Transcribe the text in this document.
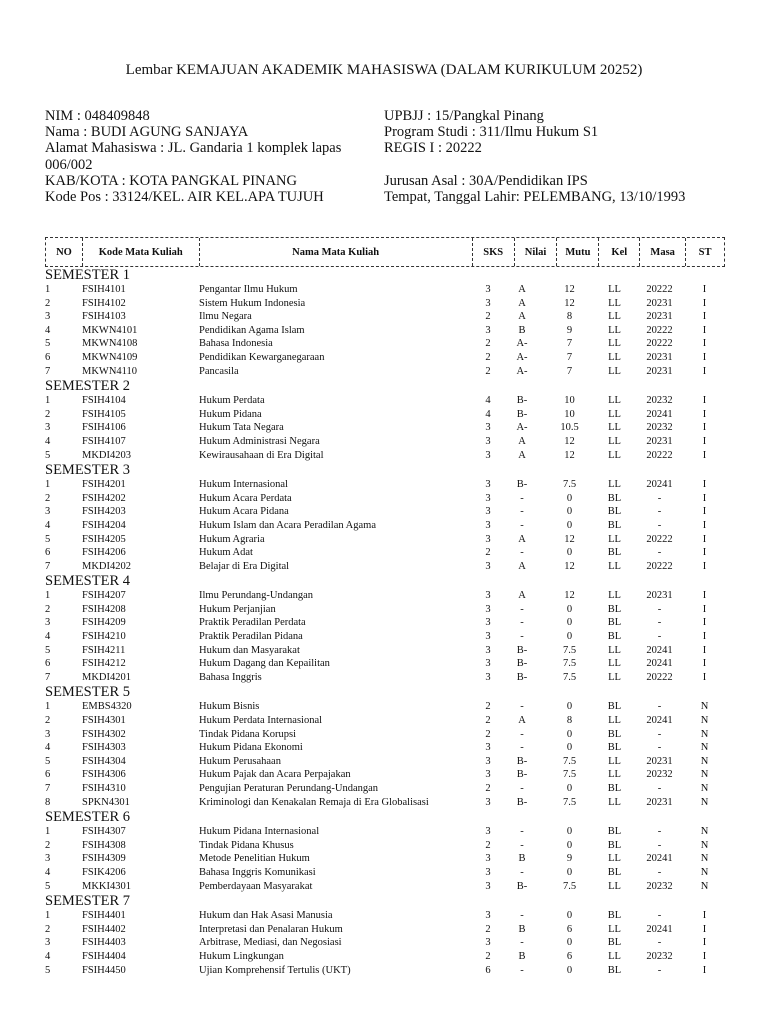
Lembar KEMAJUAN AKADEMIK MAHASISWA (DALAM KURIKULUM 20252)
NIM : 048409848
Nama : BUDI AGUNG SANJAYA
Alamat Mahasiswa : JL. Gandaria 1 komplek lapas
006/002
KAB/KOTA : KOTA PANGKAL PINANG
Kode Pos : 33124/KEL. AIR KEL.APA TUJUH
UPBJJ : 15/Pangkal Pinang
Program Studi : 311/Ilmu Hukum S1
REGIS I : 20222
Jurusan Asal : 30A/Pendidikan IPS
Tempat, Tanggal Lahir: PELEMBANG, 13/10/1993
NO	Kode Mata Kuliah	Nama Mata Kuliah	SKS	Nilai	Mutu	Kel	Masa	ST
SEMESTER 1
1	FSIH4101	Pengantar Ilmu Hukum	3	A	12	LL	20222	I
2	FSIH4102	Sistem Hukum Indonesia	3	A	12	LL	20231	I
3	FSIH4103	Ilmu Negara	2	A	8	LL	20231	I
4	MKWN4101	Pendidikan Agama Islam	3	B	9	LL	20222	I
5	MKWN4108	Bahasa Indonesia	2	A-	7	LL	20222	I
6	MKWN4109	Pendidikan Kewarganegaraan	2	A-	7	LL	20231	I
7	MKWN4110	Pancasila	2	A-	7	LL	20231	I
SEMESTER 2
1	FSIH4104	Hukum Perdata	4	B-	10	LL	20232	I
2	FSIH4105	Hukum Pidana	4	B-	10	LL	20241	I
3	FSIH4106	Hukum Tata Negara	3	A-	10.5	LL	20232	I
4	FSIH4107	Hukum Administrasi Negara	3	A	12	LL	20231	I
5	MKDI4203	Kewirausahaan di Era Digital	3	A	12	LL	20222	I
SEMESTER 3
1	FSIH4201	Hukum Internasional	3	B-	7.5	LL	20241	I
2	FSIH4202	Hukum Acara Perdata	3	-	0	BL	-	I
3	FSIH4203	Hukum Acara Pidana	3	-	0	BL	-	I
4	FSIH4204	Hukum Islam dan Acara Peradilan Agama	3	-	0	BL	-	I
5	FSIH4205	Hukum Agraria	3	A	12	LL	20222	I
6	FSIH4206	Hukum Adat	2	-	0	BL	-	I
7	MKDI4202	Belajar di Era Digital	3	A	12	LL	20222	I
SEMESTER 4
1	FSIH4207	Ilmu Perundang-Undangan	3	A	12	LL	20231	I
2	FSIH4208	Hukum Perjanjian	3	-	0	BL	-	I
3	FSIH4209	Praktik Peradilan Perdata	3	-	0	BL	-	I
4	FSIH4210	Praktik Peradilan Pidana	3	-	0	BL	-	I
5	FSIH4211	Hukum dan Masyarakat	3	B-	7.5	LL	20241	I
6	FSIH4212	Hukum Dagang dan Kepailitan	3	B-	7.5	LL	20241	I
7	MKDI4201	Bahasa Inggris	3	B-	7.5	LL	20222	I
SEMESTER 5
1	EMBS4320	Hukum Bisnis	2	-	0	BL	-	N
2	FSIH4301	Hukum Perdata Internasional	2	A	8	LL	20241	N
3	FSIH4302	Tindak Pidana Korupsi	2	-	0	BL	-	N
4	FSIH4303	Hukum Pidana Ekonomi	3	-	0	BL	-	N
5	FSIH4304	Hukum Perusahaan	3	B-	7.5	LL	20231	N
6	FSIH4306	Hukum Pajak dan Acara Perpajakan	3	B-	7.5	LL	20232	N
7	FSIH4310	Pengujian Peraturan Perundang-Undangan	2	-	0	BL	-	N
8	SPKN4301	Kriminologi dan Kenakalan Remaja di Era Globalisasi	3	B-	7.5	LL	20231	N
SEMESTER 6
1	FSIH4307	Hukum Pidana Internasional	3	-	0	BL	-	N
2	FSIH4308	Tindak Pidana Khusus	2	-	0	BL	-	N
3	FSIH4309	Metode Penelitian Hukum	3	B	9	LL	20241	N
4	FSIK4206	Bahasa Inggris Komunikasi	3	-	0	BL	-	N
5	MKKI4301	Pemberdayaan Masyarakat	3	B-	7.5	LL	20232	N
SEMESTER 7
1	FSIH4401	Hukum dan Hak Asasi Manusia	3	-	0	BL	-	I
2	FSIH4402	Interpretasi dan Penalaran Hukum	2	B	6	LL	20241	I
3	FSIH4403	Arbitrase, Mediasi, dan Negosiasi	3	-	0	BL	-	I
4	FSIH4404	Hukum Lingkungan	2	B	6	LL	20232	I
5	FSIH4450	Ujian Komprehensif Tertulis (UKT)	6	-	0	BL	-	I
